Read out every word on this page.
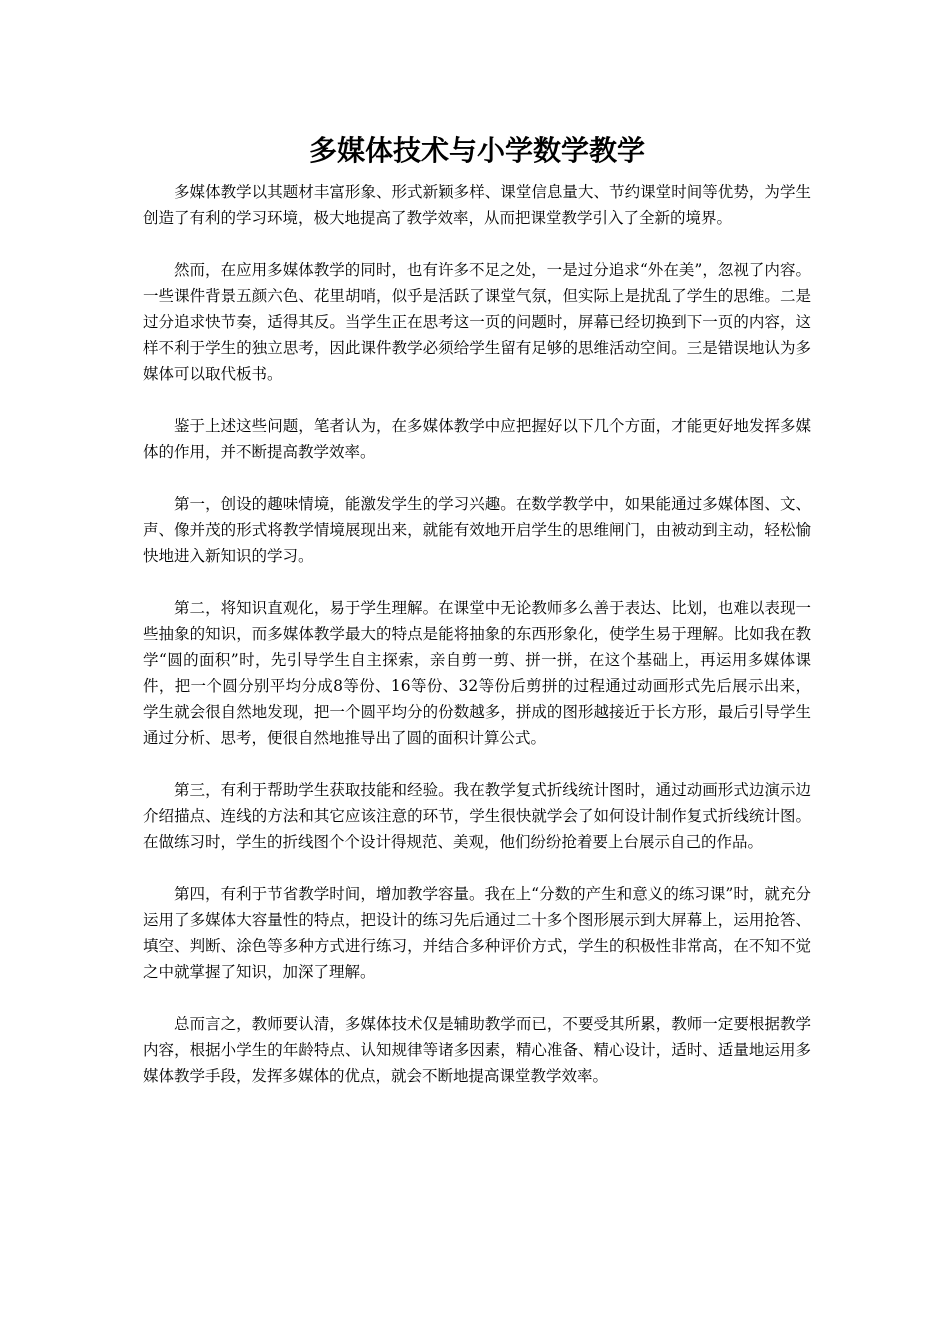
多媒体技术与小学数学教学

多媒体教学以其题材丰富形象、形式新颖多样、课堂信息量大、节约课堂时间等优势，为学生创造了有利的学习环境，极大地提高了教学效率，从而把课堂教学引入了全新的境界。

然而，在应用多媒体教学的同时，也有许多不足之处，一是过分追求“外在美”，忽视了内容。一些课件背景五颜六色、花里胡哨，似乎是活跃了课堂气氛，但实际上是扰乱了学生的思维。二是过分追求快节奏，适得其反。当学生正在思考这一页的问题时，屏幕已经切换到下一页的内容，这样不利于学生的独立思考，因此课件教学必须给学生留有足够的思维活动空间。三是错误地认为多媒体可以取代板书。

鉴于上述这些问题，笔者认为，在多媒体教学中应把握好以下几个方面，才能更好地发挥多媒体的作用，并不断提高教学效率。

第一，创设的趣味情境，能激发学生的学习兴趣。在数学教学中，如果能通过多媒体图、文、声、像并茂的形式将教学情境展现出来，就能有效地开启学生的思维闸门，由被动到主动，轻松愉快地进入新知识的学习。

第二，将知识直观化，易于学生理解。在课堂中无论教师多么善于表达、比划，也难以表现一些抽象的知识，而多媒体教学最大的特点是能将抽象的东西形象化，使学生易于理解。比如我在教学“圆的面积”时，先引导学生自主探索，亲自剪一剪、拼一拼，在这个基础上，再运用多媒体课件，把一个圆分别平均分成8等份、16等份、32等份后剪拼的过程通过动画形式先后展示出来，学生就会很自然地发现，把一个圆平均分的份数越多，拼成的图形越接近于长方形，最后引导学生通过分析、思考，便很自然地推导出了圆的面积计算公式。

第三，有利于帮助学生获取技能和经验。我在教学复式折线统计图时，通过动画形式边演示边介绍描点、连线的方法和其它应该注意的环节，学生很快就学会了如何设计制作复式折线统计图。在做练习时，学生的折线图个个设计得规范、美观，他们纷纷抢着要上台展示自己的作品。

第四，有利于节省教学时间，增加教学容量。我在上“分数的产生和意义的练习课”时，就充分运用了多媒体大容量性的特点，把设计的练习先后通过二十多个图形展示到大屏幕上，运用抢答、填空、判断、涂色等多种方式进行练习，并结合多种评价方式，学生的积极性非常高，在不知不觉之中就掌握了知识，加深了理解。

总而言之，教师要认清，多媒体技术仅是辅助教学而已，不要受其所累，教师一定要根据教学内容，根据小学生的年龄特点、认知规律等诸多因素，精心准备、精心设计，适时、适量地运用多媒体教学手段，发挥多媒体的优点，就会不断地提高课堂教学效率。
